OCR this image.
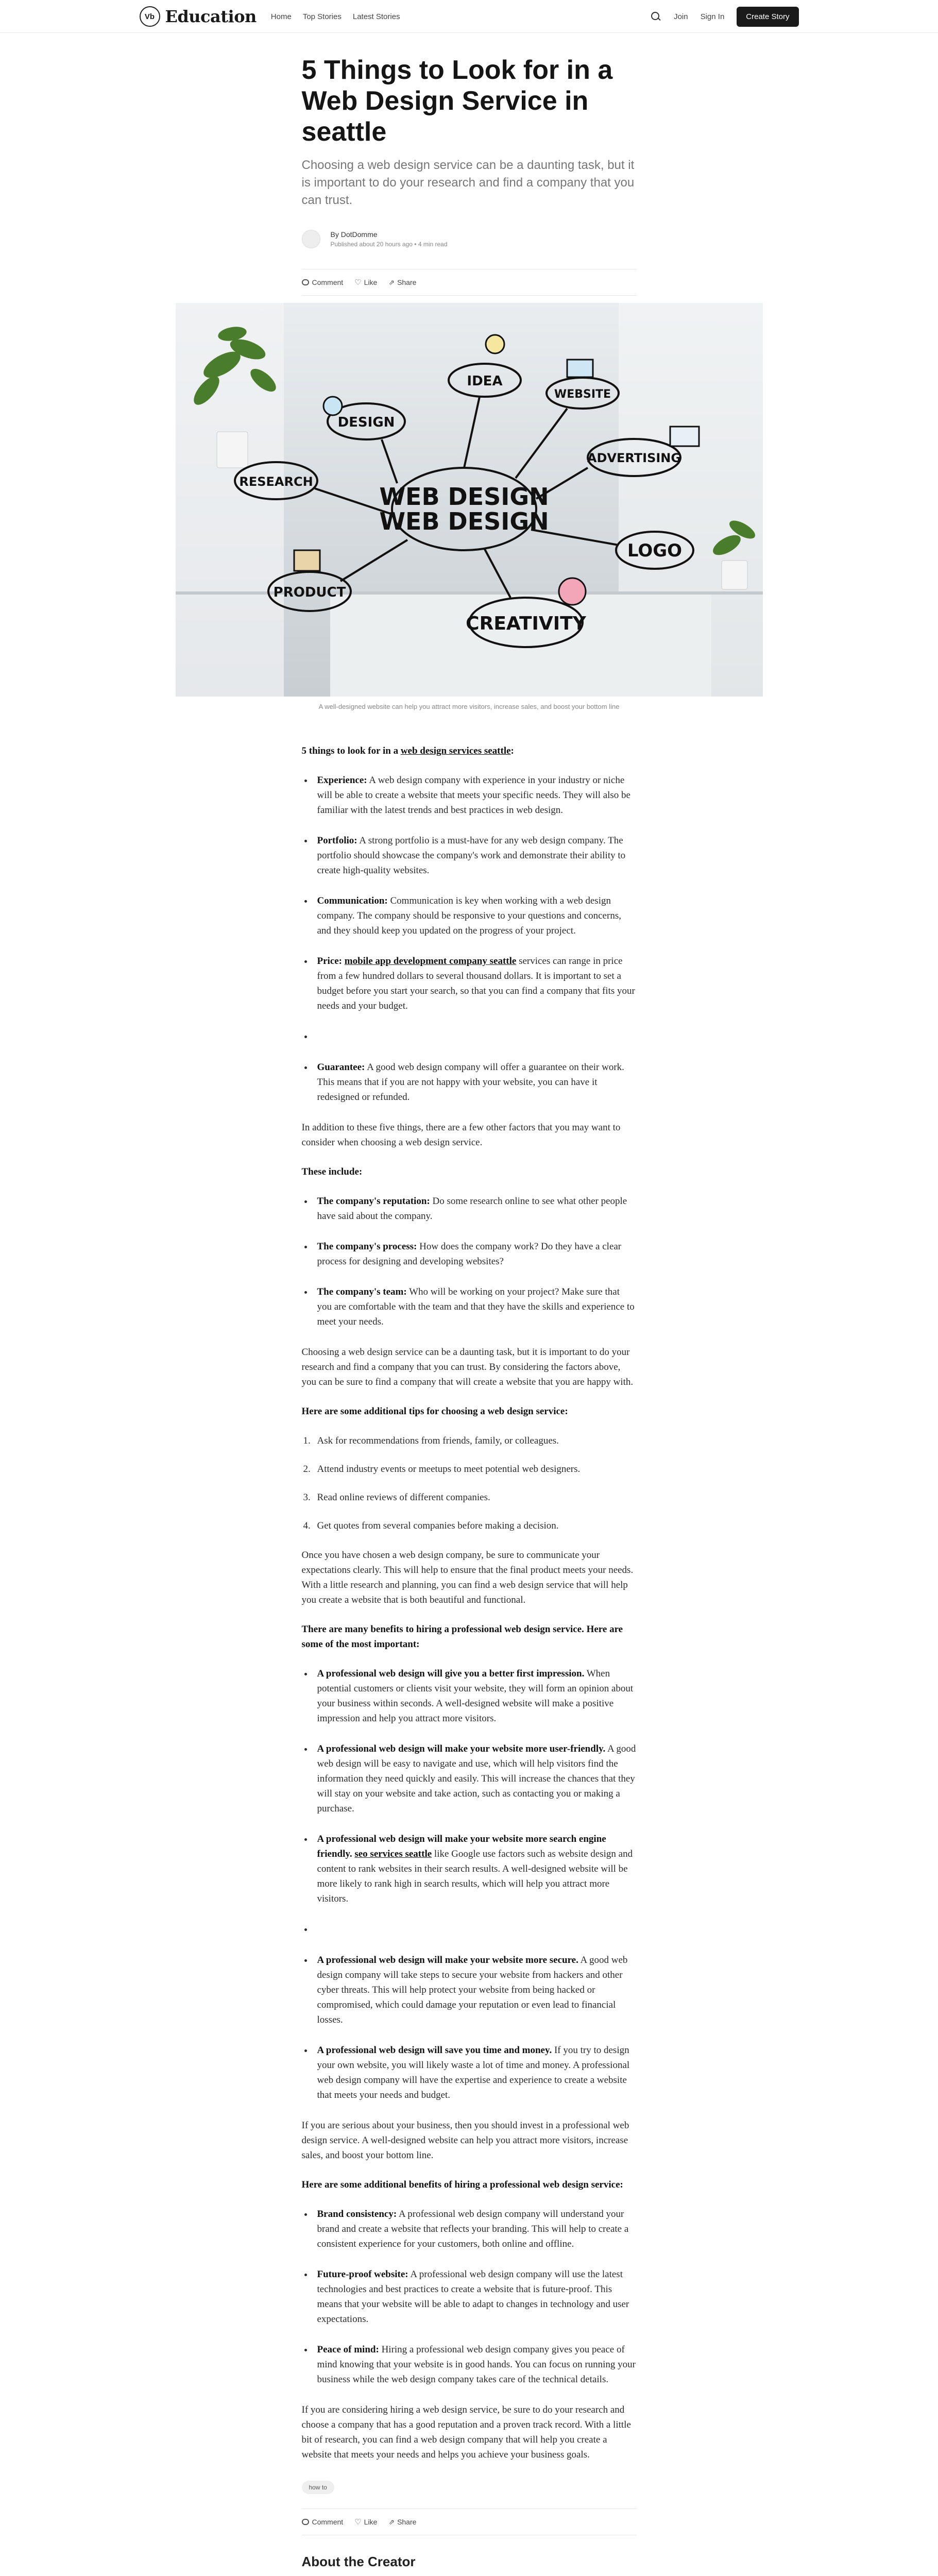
Vb Education Home Top Stories Latest Stories	Join Sign In	Create Story
5 Things to Look for in a Web Design Service in seattle

Choosing a web design service can be a daunting task, but it is important to do your research and find a company that you can trust.

By DotDomme
Published about 20 hours ago • 4 min read
Comment ♡ Like ⇗ Share
WEB DESIGN
WEB DESIGN
DESIGN
IDEA
WEBSITE
RESEARCH
ADVERTISING
LOGO
PRODUCT
CREATIVITY

A well-designed website can help you attract more visitors, increase sales, and boost your bottom line

5 things to look for in a web design services seattle:

• Experience: A web design company with experience in your industry or niche will be able to create a website that meets your specific needs. They will also be familiar with the latest trends and best practices in web design.
• Portfolio: A strong portfolio is a must-have for any web design company. The portfolio should showcase the company's work and demonstrate their ability to create high-quality websites.
• Communication: Communication is key when working with a web design company. The company should be responsive to your questions and concerns, and they should keep you updated on the progress of your project.
• Price: mobile app development company seattle services can range in price from a few hundred dollars to several thousand dollars. It is important to set a budget before you start your search, so that you can find a company that fits your needs and your budget.
•
• Guarantee: A good web design company will offer a guarantee on their work. This means that if you are not happy with your website, you can have it redesigned or refunded.

In addition to these five things, there are a few other factors that you may want to consider when choosing a web design service.

These include:

• The company's reputation: Do some research online to see what other people have said about the company.
• The company's process: How does the company work? Do they have a clear process for designing and developing websites?
• The company's team: Who will be working on your project? Make sure that you are comfortable with the team and that they have the skills and experience to meet your needs.

Choosing a web design service can be a daunting task, but it is important to do your research and find a company that you can trust. By considering the factors above, you can be sure to find a company that will create a website that you are happy with.

Here are some additional tips for choosing a web design service:

1. Ask for recommendations from friends, family, or colleagues.
2. Attend industry events or meetups to meet potential web designers.
3. Read online reviews of different companies.
4. Get quotes from several companies before making a decision.

Once you have chosen a web design company, be sure to communicate your expectations clearly. This will help to ensure that the final product meets your needs. With a little research and planning, you can find a web design service that will help you create a website that is both beautiful and functional.

There are many benefits to hiring a professional web design service. Here are some of the most important:

• A professional web design will give you a better first impression. When potential customers or clients visit your website, they will form an opinion about your business within seconds. A well-designed website will make a positive impression and help you attract more visitors.
• A professional web design will make your website more user-friendly. A good web design will be easy to navigate and use, which will help visitors find the information they need quickly and easily. This will increase the chances that they will stay on your website and take action, such as contacting you or making a purchase.
• A professional web design will make your website more search engine friendly. seo services seattle like Google use factors such as website design and content to rank websites in their search results. A well-designed website will be more likely to rank high in search results, which will help you attract more visitors.
•
• A professional web design will make your website more secure. A good web design company will take steps to secure your website from hackers and other cyber threats. This will help protect your website from being hacked or compromised, which could damage your reputation or even lead to financial losses.
• A professional web design will save you time and money. If you try to design your own website, you will likely waste a lot of time and money. A professional web design company will have the expertise and experience to create a website that meets your needs and budget.

If you are serious about your business, then you should invest in a professional web design service. A well-designed website can help you attract more visitors, increase sales, and boost your bottom line.

Here are some additional benefits of hiring a professional web design service:

• Brand consistency: A professional web design company will understand your brand and create a website that reflects your branding. This will help to create a consistent experience for your customers, both online and offline.
• Future-proof website: A professional web design company will use the latest technologies and best practices to create a website that is future-proof. This means that your website will be able to adapt to changes in technology and user expectations.
• Peace of mind: Hiring a professional web design company gives you peace of mind knowing that your website is in good hands. You can focus on running your business while the web design company takes care of the technical details.

If you are considering hiring a web design service, be sure to do your research and choose a company that has a good reputation and a proven track record. With a little bit of research, you can find a web design company that will help you create a website that meets your needs and helps you achieve your business goals.

how to
Comment ♡ Like ⇗ Share
About the Creator
